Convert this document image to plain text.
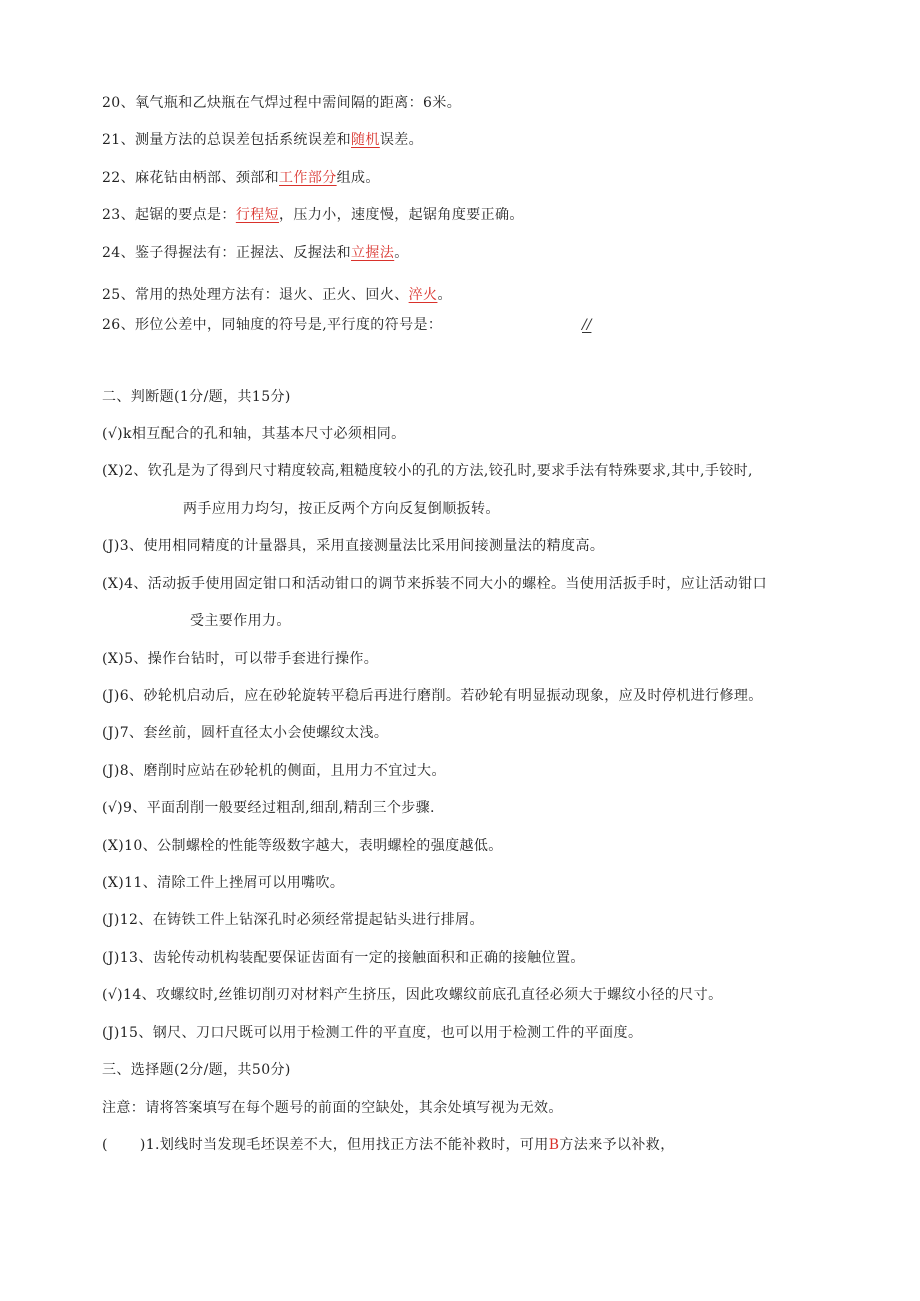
20、氧气瓶和乙炔瓶在气焊过程中需间隔的距离：6米。
21、测量方法的总误差包括系统误差和随机误差。
22、麻花钻由柄部、颈部和工作部分组成。
23、起锯的要点是：行程短，压力小，速度慢，起锯角度要正确。
24、鉴子得握法有：正握法、反握法和立握法。
25、常用的热处理方法有：退火、正火、回火、淬火。
26、形位公差中，同轴度的符号是,平行度的符号是：	//
二、判断题(1分/题，共15分)
(√)k相互配合的孔和轴，其基本尺寸必须相同。
(X)2、钦孔是为了得到尺寸精度较高,粗糙度较小的孔的方法,铰孔时,要求手法有特殊要求,其中,手铰时,
两手应用力均匀，按正反两个方向反复倒顺扳转。
(J)3、使用相同精度的计量器具，采用直接测量法比采用间接测量法的精度高。
(X)4、活动扳手使用固定钳口和活动钳口的调节来拆装不同大小的螺栓。当使用活扳手时，应让活动钳口
受主要作用力。
(X)5、操作台钻时，可以带手套进行操作。
(J)6、砂轮机启动后，应在砂轮旋转平稳后再进行磨削。若砂轮有明显振动现象，应及时停机进行修理。
(J)7、套丝前，圆杆直径太小会使螺纹太浅。
(J)8、磨削时应站在砂轮机的侧面，且用力不宜过大。
(√)9、平面刮削一般要经过粗刮,细刮,精刮三个步骤.
(X)10、公制螺栓的性能等级数字越大，表明螺栓的强度越低。
(X)11、清除工件上挫屑可以用嘴吹。
(J)12、在铸铁工件上钻深孔时必须经常提起钻头进行排屑。
(J)13、齿轮传动机构装配要保证齿面有一定的接触面积和正确的接触位置。
(√)14、攻螺纹时,丝锥切削刃对材料产生挤压，因此攻螺纹前底孔直径必须大于螺纹小径的尺寸。
(J)15、钢尺、刀口尺既可以用于检测工件的平直度，也可以用于检测工件的平面度。
三、选择题(2分/题，共50分)
注意：请将答案填写在每个题号的前面的空缺处，其余处填写视为无效。
( )1.划线时当发现毛坯误差不大，但用找正方法不能补救时，可用B方法来予以补救，
